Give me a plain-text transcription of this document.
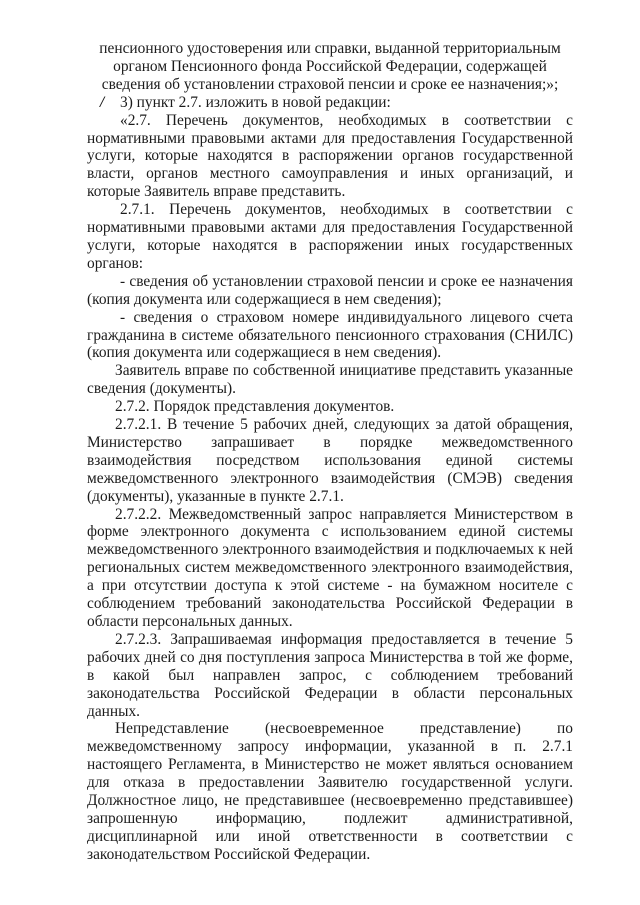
пенсионного удостоверения или справки, выданной территориальным органом Пенсионного фонда Российской Федерации, содержащей сведения об установлении страховой пенсии и сроке ее назначения;»;

/ 3) пункт 2.7. изложить в новой редакции:

«2.7. Перечень документов, необходимых в соответствии с нормативными правовыми актами для предоставления Государственной услуги, которые находятся в распоряжении органов государственной власти, органов местного самоуправления и иных организаций, и которые Заявитель вправе представить.

2.7.1. Перечень документов, необходимых в соответствии с нормативными правовыми актами для предоставления Государственной услуги, которые находятся в распоряжении иных государственных органов:

- сведения об установлении страховой пенсии и сроке ее назначения (копия документа или содержащиеся в нем сведения);

- сведения о страховом номере индивидуального лицевого счета гражданина в системе обязательного пенсионного страхования (СНИЛС) (копия документа или содержащиеся в нем сведения).

Заявитель вправе по собственной инициативе представить указанные сведения (документы).

2.7.2. Порядок представления документов.

2.7.2.1. В течение 5 рабочих дней, следующих за датой обращения, Министерство запрашивает в порядке межведомственного взаимодействия посредством использования единой системы межведомственного электронного взаимодействия (СМЭВ) сведения (документы), указанные в пункте 2.7.1.

2.7.2.2. Межведомственный запрос направляется Министерством в форме электронного документа с использованием единой системы межведомственного электронного взаимодействия и подключаемых к ней региональных систем межведомственного электронного взаимодействия, а при отсутствии доступа к этой системе - на бумажном носителе с соблюдением требований законодательства Российской Федерации в области персональных данных.

2.7.2.3. Запрашиваемая информация предоставляется в течение 5 рабочих дней со дня поступления запроса Министерства в той же форме, в какой был направлен запрос, с соблюдением требований законодательства Российской Федерации в области персональных данных.

Непредставление (несвоевременное представление) по межведомственному запросу информации, указанной в п. 2.7.1 настоящего Регламента, в Министерство не может являться основанием для отказа в предоставлении Заявителю государственной услуги. Должностное лицо, не представившее (несвоевременно представившее) запрошенную информацию, подлежит административной, дисциплинарной или иной ответственности в соответствии с законодательством Российской Федерации.
